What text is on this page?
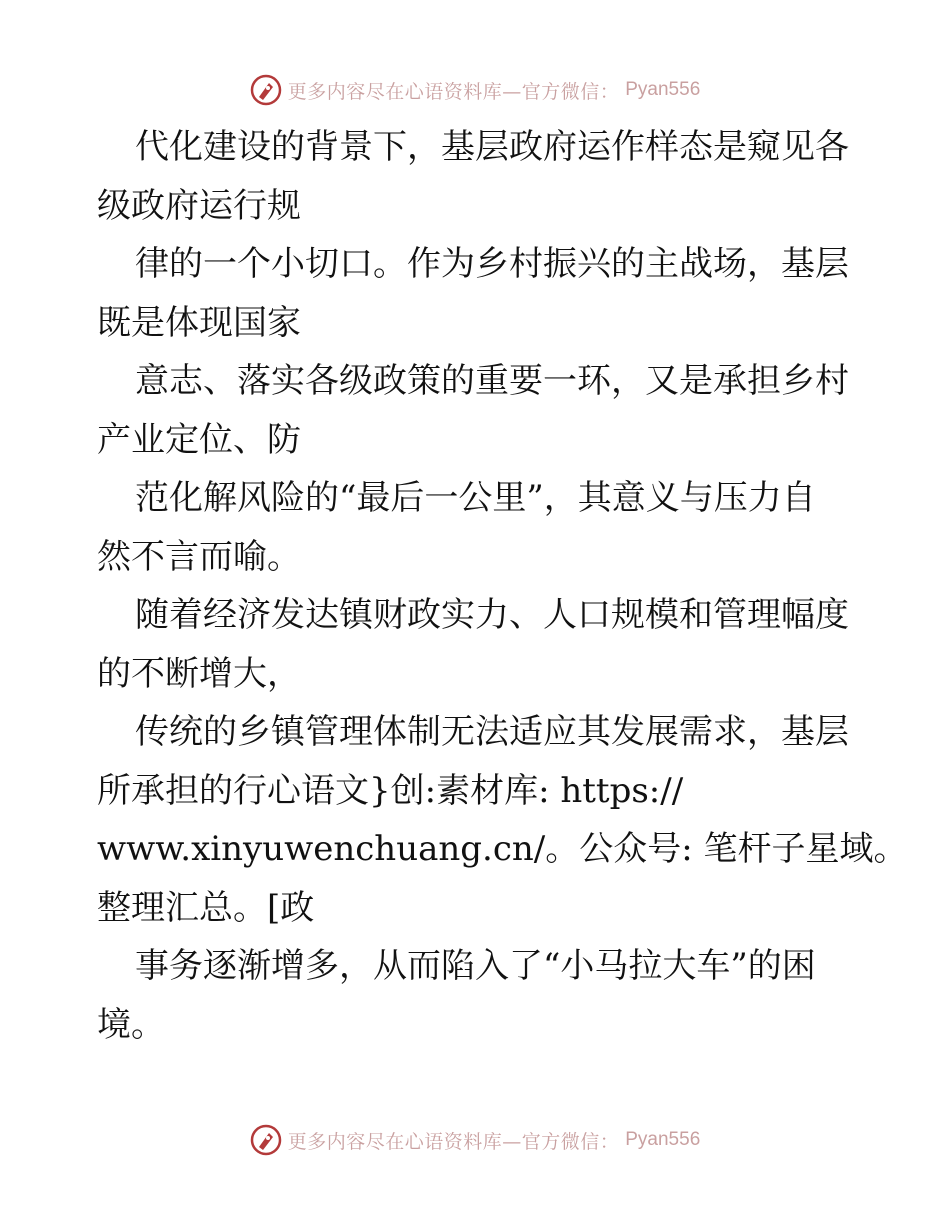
更多内容尽在心语资料库—官方微信： Pyan556
代化建设的背景下，基层政府运作样态是窥见各
级政府运行规
律的一个小切口。作为乡村振兴的主战场，基层
既是体现国家
意志、落实各级政策的重要一环，又是承担乡村
产业定位、防
范化解风险的“最后一公里”，其意义与压力自
然不言而喻。
随着经济发达镇财政实力、人口规模和管理幅度
的不断增大，
传统的乡镇管理体制无法适应其发展需求，基层
所承担的行心语文}创:素材库: https://
www.xinyuwenchuang.cn/。公众号: 笔杆子星域。
整理汇总。[政
事务逐渐增多，从而陷入了“小马拉大车”的困
境。
更多内容尽在心语资料库—官方微信： Pyan556
